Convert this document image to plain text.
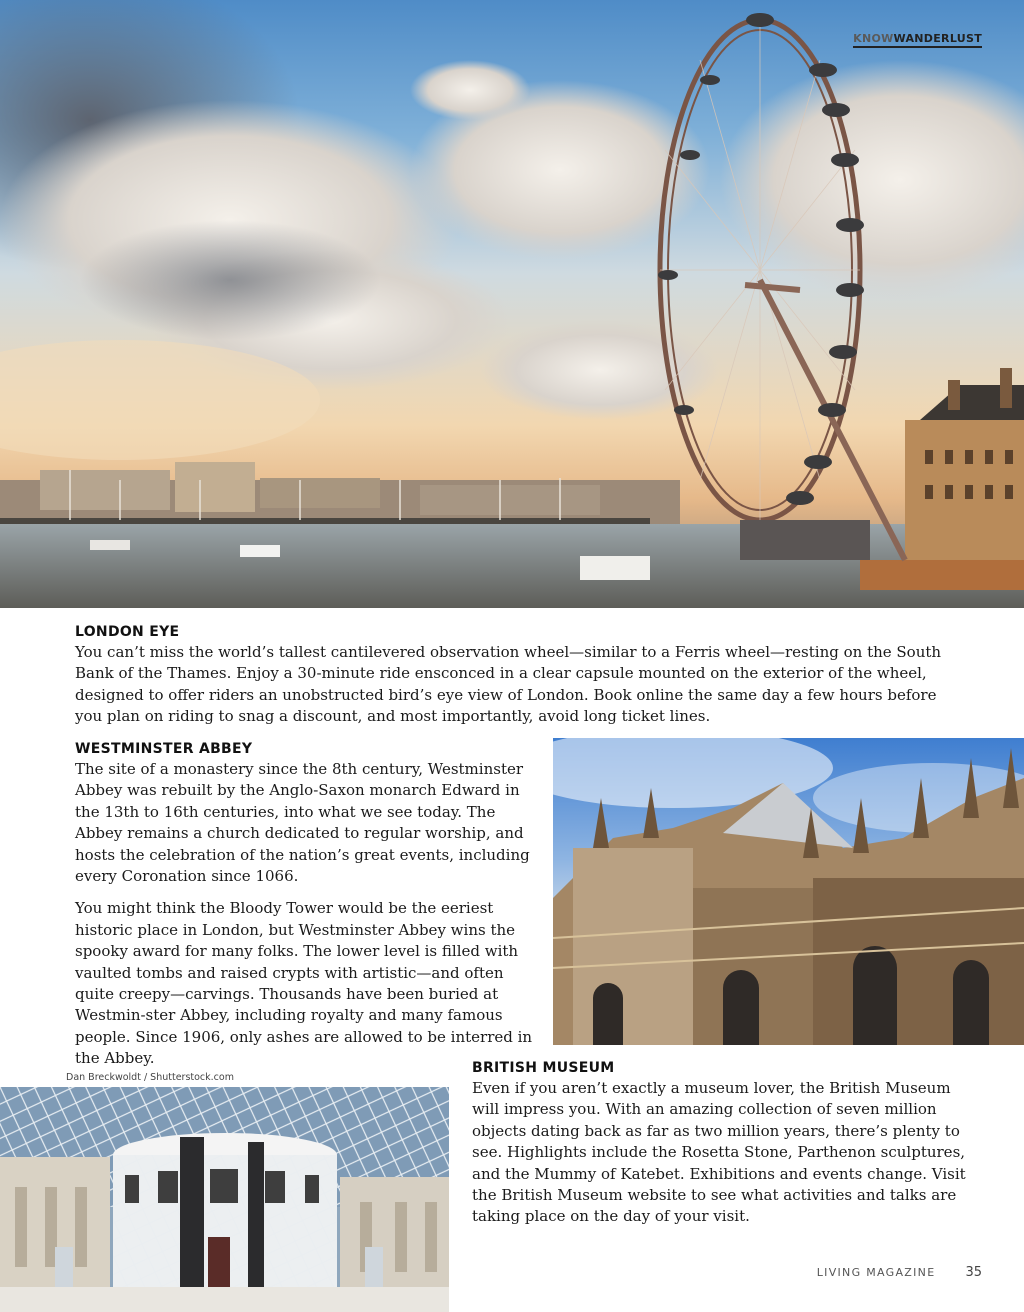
KNOWWANDERLUST
LONDON EYE

You can’t miss the world’s tallest cantilevered observation wheel—similar to a Ferris wheel—resting on the South Bank of the Thames. Enjoy a 30-minute ride ensconced in a clear capsule mounted on the exterior of the wheel, designed to offer riders an unobstructed bird’s eye view of London. Book online the same day a few hours before you plan on riding to snag a discount, and most importantly, avoid long ticket lines.

WESTMINSTER ABBEY

The site of a monastery since the 8th century, Westminster Abbey was rebuilt by the Anglo-Saxon monarch Edward in the 13th to 16th centuries, into what we see today. The Abbey remains a church dedicated to regular worship, and hosts the celebration of the nation’s great events, including every Coronation since 1066.

You might think the Bloody Tower would be the eeriest historic place in London, but Westminster Abbey wins the spooky award for many folks. The lower level is filled with vaulted tombs and raised crypts with artistic—and often quite creepy—carvings. Thousands have been buried at Westmin-ster Abbey, including royalty and many famous people. Since 1906, only ashes are allowed to be interred in the Abbey.

Dan Breckwoldt / Shutterstock.com
BRITISH MUSEUM

Even if you aren’t exactly a museum lover, the British Museum will impress you. With an amazing collection of seven million objects dating back as far as two million years, there’s plenty to see. Highlights include the Rosetta Stone, Parthenon sculptures, and the Mummy of Katebet. Exhibitions and events change. Visit the British Museum website to see what activities and talks are taking place on the day of your visit.

LIVING MAGAZINE 35
